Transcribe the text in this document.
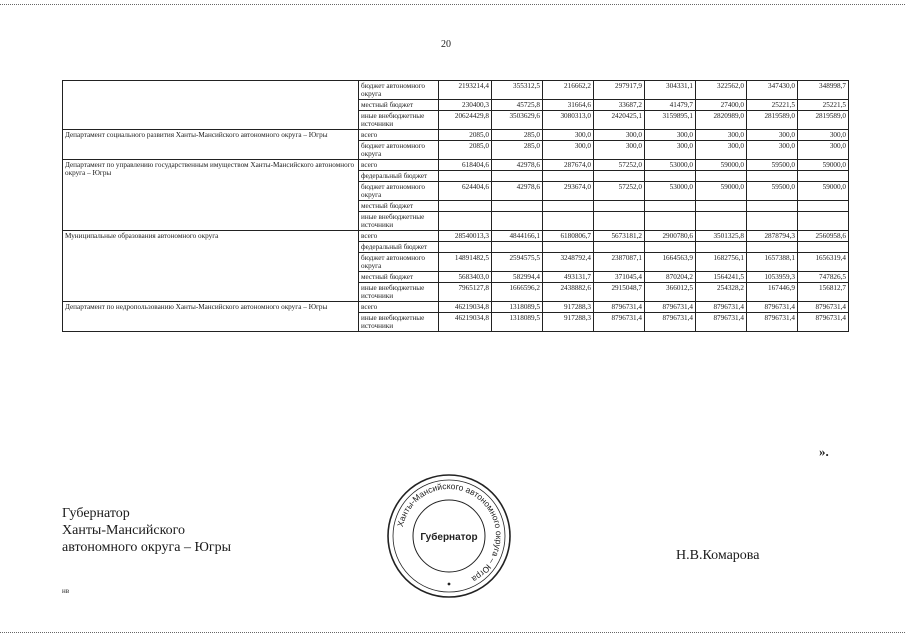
20
	бюджет автономного округа	2193214,4	355312,5	216662,2	297917,9	304331,1	322562,0	347430,0	348998,7
	местный бюджет	230400,3	45725,8	31664,6	33687,2	41479,7	27400,0	25221,5	25221,5
	иные внебюджетные источники	20624429,8	3503629,6	3080313,0	2420425,1	3159895,1	2820989,0	2819589,0	2819589,0
Департамент социального развития Ханты-Мансийского автономного округа – Югры	всего	2085,0	285,0	300,0	300,0	300,0	300,0	300,0	300,0
	бюджет автономного округа	2085,0	285,0	300,0	300,0	300,0	300,0	300,0	300,0
Департамент по управлению государственным имуществом Ханты-Мансийского автономного округа – Югры	всего	618404,6	42978,6	287674,0	57252,0	53000,0	59000,0	59500,0	59000,0
	федеральный бюджет								
	бюджет автономного округа	624404,6	42978,6	293674,0	57252,0	53000,0	59000,0	59500,0	59000,0
	местный бюджет								
	иные внебюджетные источники								
Муниципальные образования автономного округа	всего	28540013,3	4844166,1	6180806,7	5673181,2	2900780,6	3501325,8	2878794,3	2560958,6
	федеральный бюджет								
	бюджет автономного округа	14891482,5	2594575,5	3248792,4	2387087,1	1664563,9	1682756,1	1657388,1	1656319,4
	местный бюджет	5683403,0	582994,4	493131,7	371045,4	870204,2	1564241,5	1053959,3	747826,5
	иные внебюджетные источники	7965127,8	1666596,2	2438882,6	2915048,7	366012,5	254328,2	167446,9	156812,7
Департамент по недропользованию Ханты-Мансийского автономного округа – Югры	всего	46219034,8	1318089,5	917288,3	8796731,4	8796731,4	8796731,4	8796731,4	8796731,4
	иные внебюджетные источники	46219034,8	1318089,5	917288,3	8796731,4	8796731,4	8796731,4	8796731,4	8796731,4
».
Губернатор
Ханты-Мансийского
автономного округа – Югры
Ханты-Мансийского автономного округа – Югра
Губернатор
Н.В.Комарова
нв
